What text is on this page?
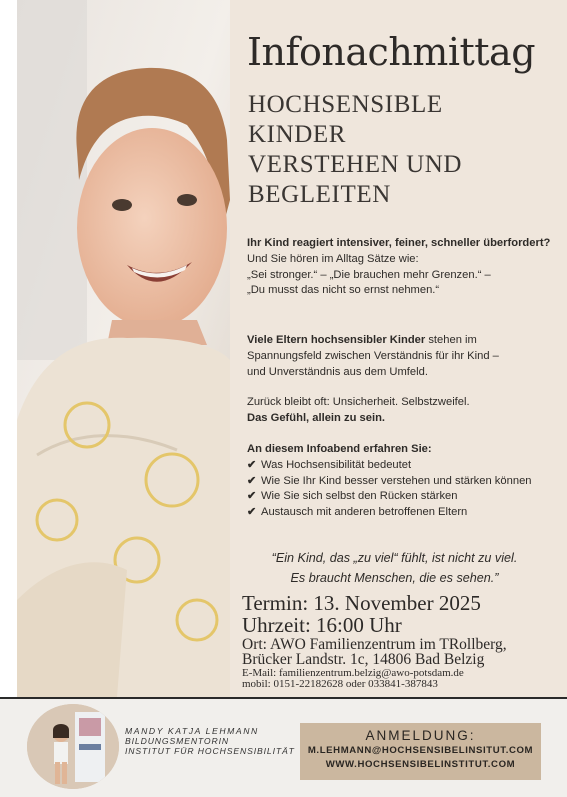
Infonachmittag
HOCHSENSIBLE
KINDER
VERSTEHEN UND
BEGLEITEN
Ihr Kind reagiert intensiver, feiner, schneller überfordert?
Und Sie hören im Alltag Sätze wie:
„Sei stronger.“ – „Die brauchen mehr Grenzen.“ –
„Du musst das nicht so ernst nehmen.“
Viele Eltern hochsensibler Kinder stehen im
Spannungsfeld zwischen Verständnis für ihr Kind –
und Unverständnis aus dem Umfeld.
Zurück bleibt oft: Unsicherheit. Selbstzweifel.
Das Gefühl, allein zu sein.
An diesem Infoabend erfahren Sie:
✔ Was Hochsensibilität bedeutet
✔ Wie Sie Ihr Kind besser verstehen und stärken können
✔ Wie Sie sich selbst den Rücken stärken
✔ Austausch mit anderen betroffenen Eltern
“Ein Kind, das „zu viel“ fühlt, ist nicht zu viel.
Es braucht Menschen, die es sehen.”
Termin: 13. November 2025
Uhrzeit: 16:00 Uhr
Ort: AWO Familienzentrum im TRollberg,
Brücker Landstr. 1c, 14806 Bad Belzig
E-Mail: familienzentrum.belzig@awo-potsdam.de
mobil: 0151-22182628 oder 033841-387843
MANDY KATJA LEHMANN
BILDUNGSMENTORIN
INSTITUT FÜR HOCHSENSIBILITÄT
ANMELDUNG:
M.LEHMANN@HOCHSENSIBELINSITUT.COM
WWW.HOCHSENSIBELINSTITUT.COM
